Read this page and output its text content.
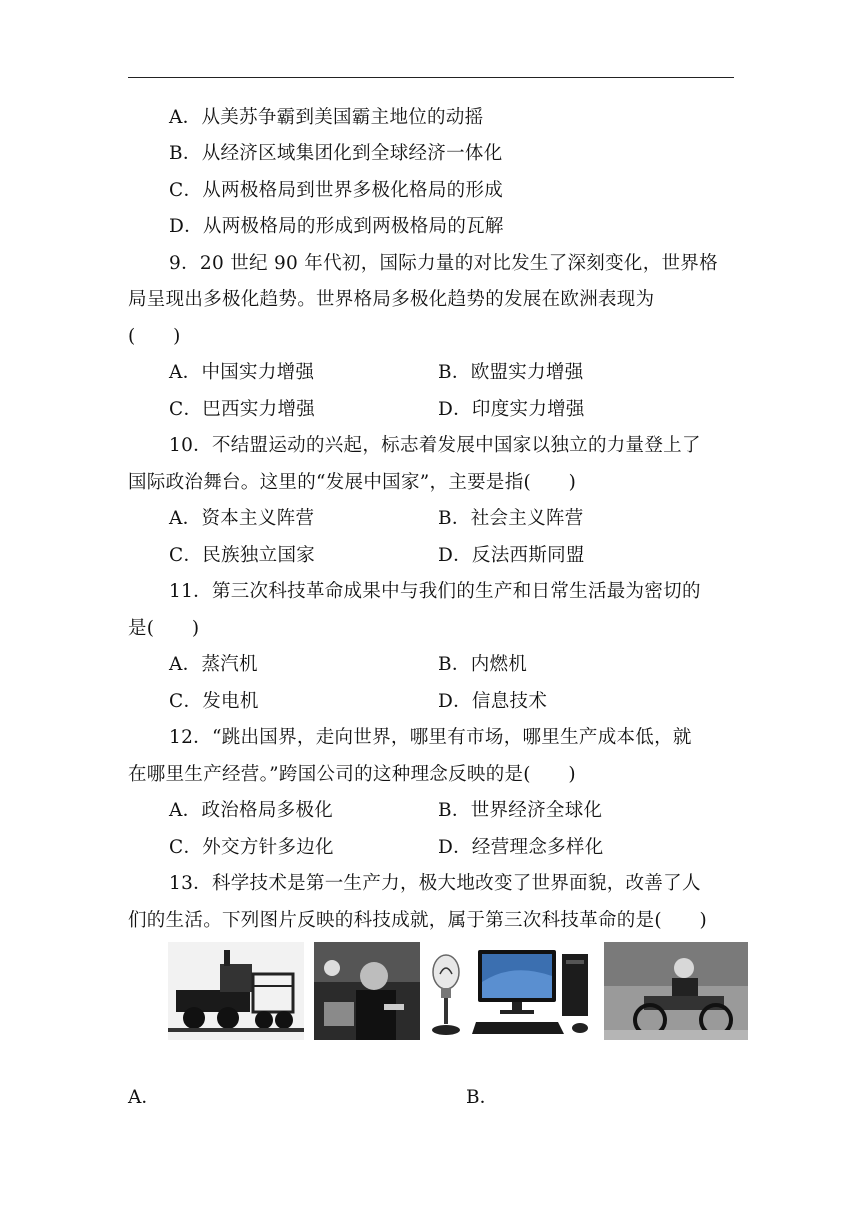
A．从美苏争霸到美国霸主地位的动摇
B．从经济区域集团化到全球经济一体化
C．从两极格局到世界多极化格局的形成
D．从两极格局的形成到两极格局的瓦解
9．20 世纪 90 年代初，国际力量的对比发生了深刻变化，世界格
局呈现出多极化趋势。世界格局多极化趋势的发展在欧洲表现为
(　　)
A．中国实力增强	B．欧盟实力增强
C．巴西实力增强	D．印度实力增强
10．不结盟运动的兴起，标志着发展中国家以独立的力量登上了
国际政治舞台。这里的“发展中国家”，主要是指(　　)
A．资本主义阵营	B．社会主义阵营
C．民族独立国家	D．反法西斯同盟
11．第三次科技革命成果中与我们的生产和日常生活最为密切的
是(　　)
A．蒸汽机	B．内燃机
C．发电机	D．信息技术
12．“跳出国界，走向世界，哪里有市场，哪里生产成本低，就
在哪里生产经营。”跨国公司的这种理念反映的是(　　)
A．政治格局多极化	B．世界经济全球化
C．外交方针多边化	D．经营理念多样化
13．科学技术是第一生产力，极大地改变了世界面貌，改善了人
们的生活。下列图片反映的科技成就，属于第三次科技革命的是(　　)
A．	B．
